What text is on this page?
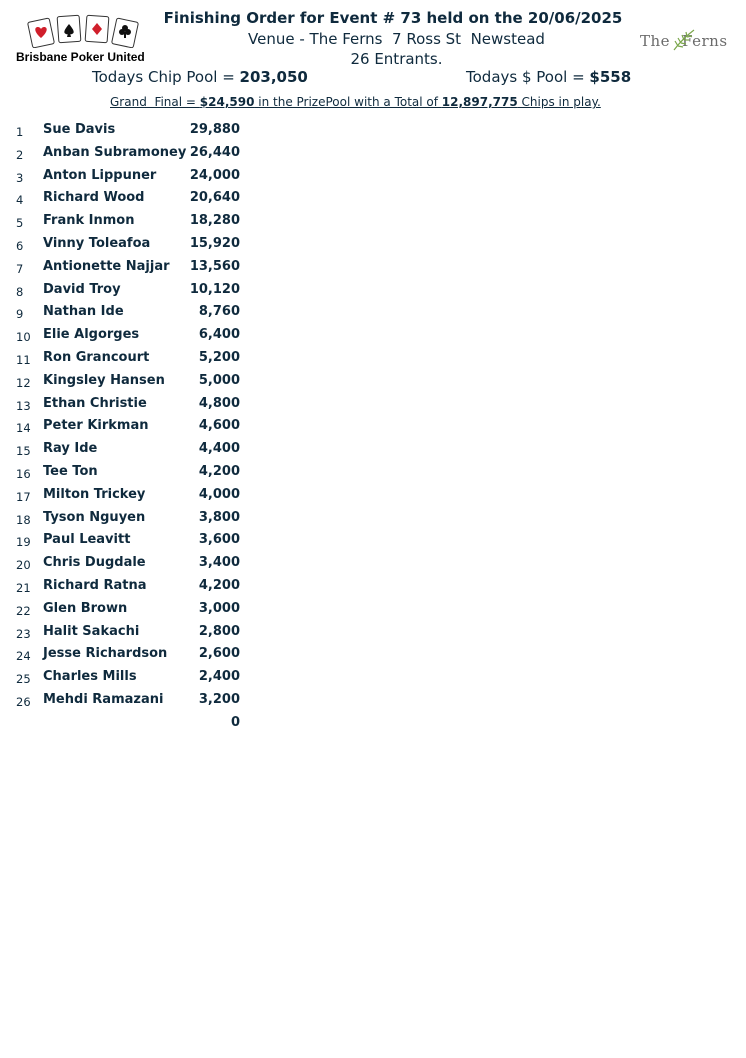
Brisbane Poker United
The Ferns
Finishing Order for Event # 73 held on the 20/06/2025
Venue - The Ferns  7 Ross St  Newstead
26 Entrants.
Todays Chip Pool = 203,050	Todays $ Pool = $558
Grand  Final = $24,590 in the PrizePool with a Total of 12,897,775 Chips in play.
1 Sue Davis	29,880
2 Anban Subramoney 26,440
3 Anton Lippuner	24,000
4 Richard Wood	20,640
5 Frank Inmon	18,280
6 Vinny Toleafoa	15,920
7 Antionette Najjar 13,560
8 David Troy	10,120
9 Nathan Ide	8,760
10 Elie Algorges	6,400
11 Ron Grancourt	5,200
12 Kingsley Hansen	5,000
13 Ethan Christie	4,800
14 Peter Kirkman	4,600
15 Ray Ide	4,400
16 Tee Ton	4,200
17 Milton Trickey	4,000
18 Tyson Nguyen	3,800
19 Paul Leavitt	3,600
20 Chris Dugdale	3,400
21 Richard Ratna	4,200
22 Glen Brown	3,000
23 Halit Sakachi	2,800
24 Jesse Richardson 2,600
25 Charles Mills	2,400
26 Mehdi Ramazani	3,200
0
